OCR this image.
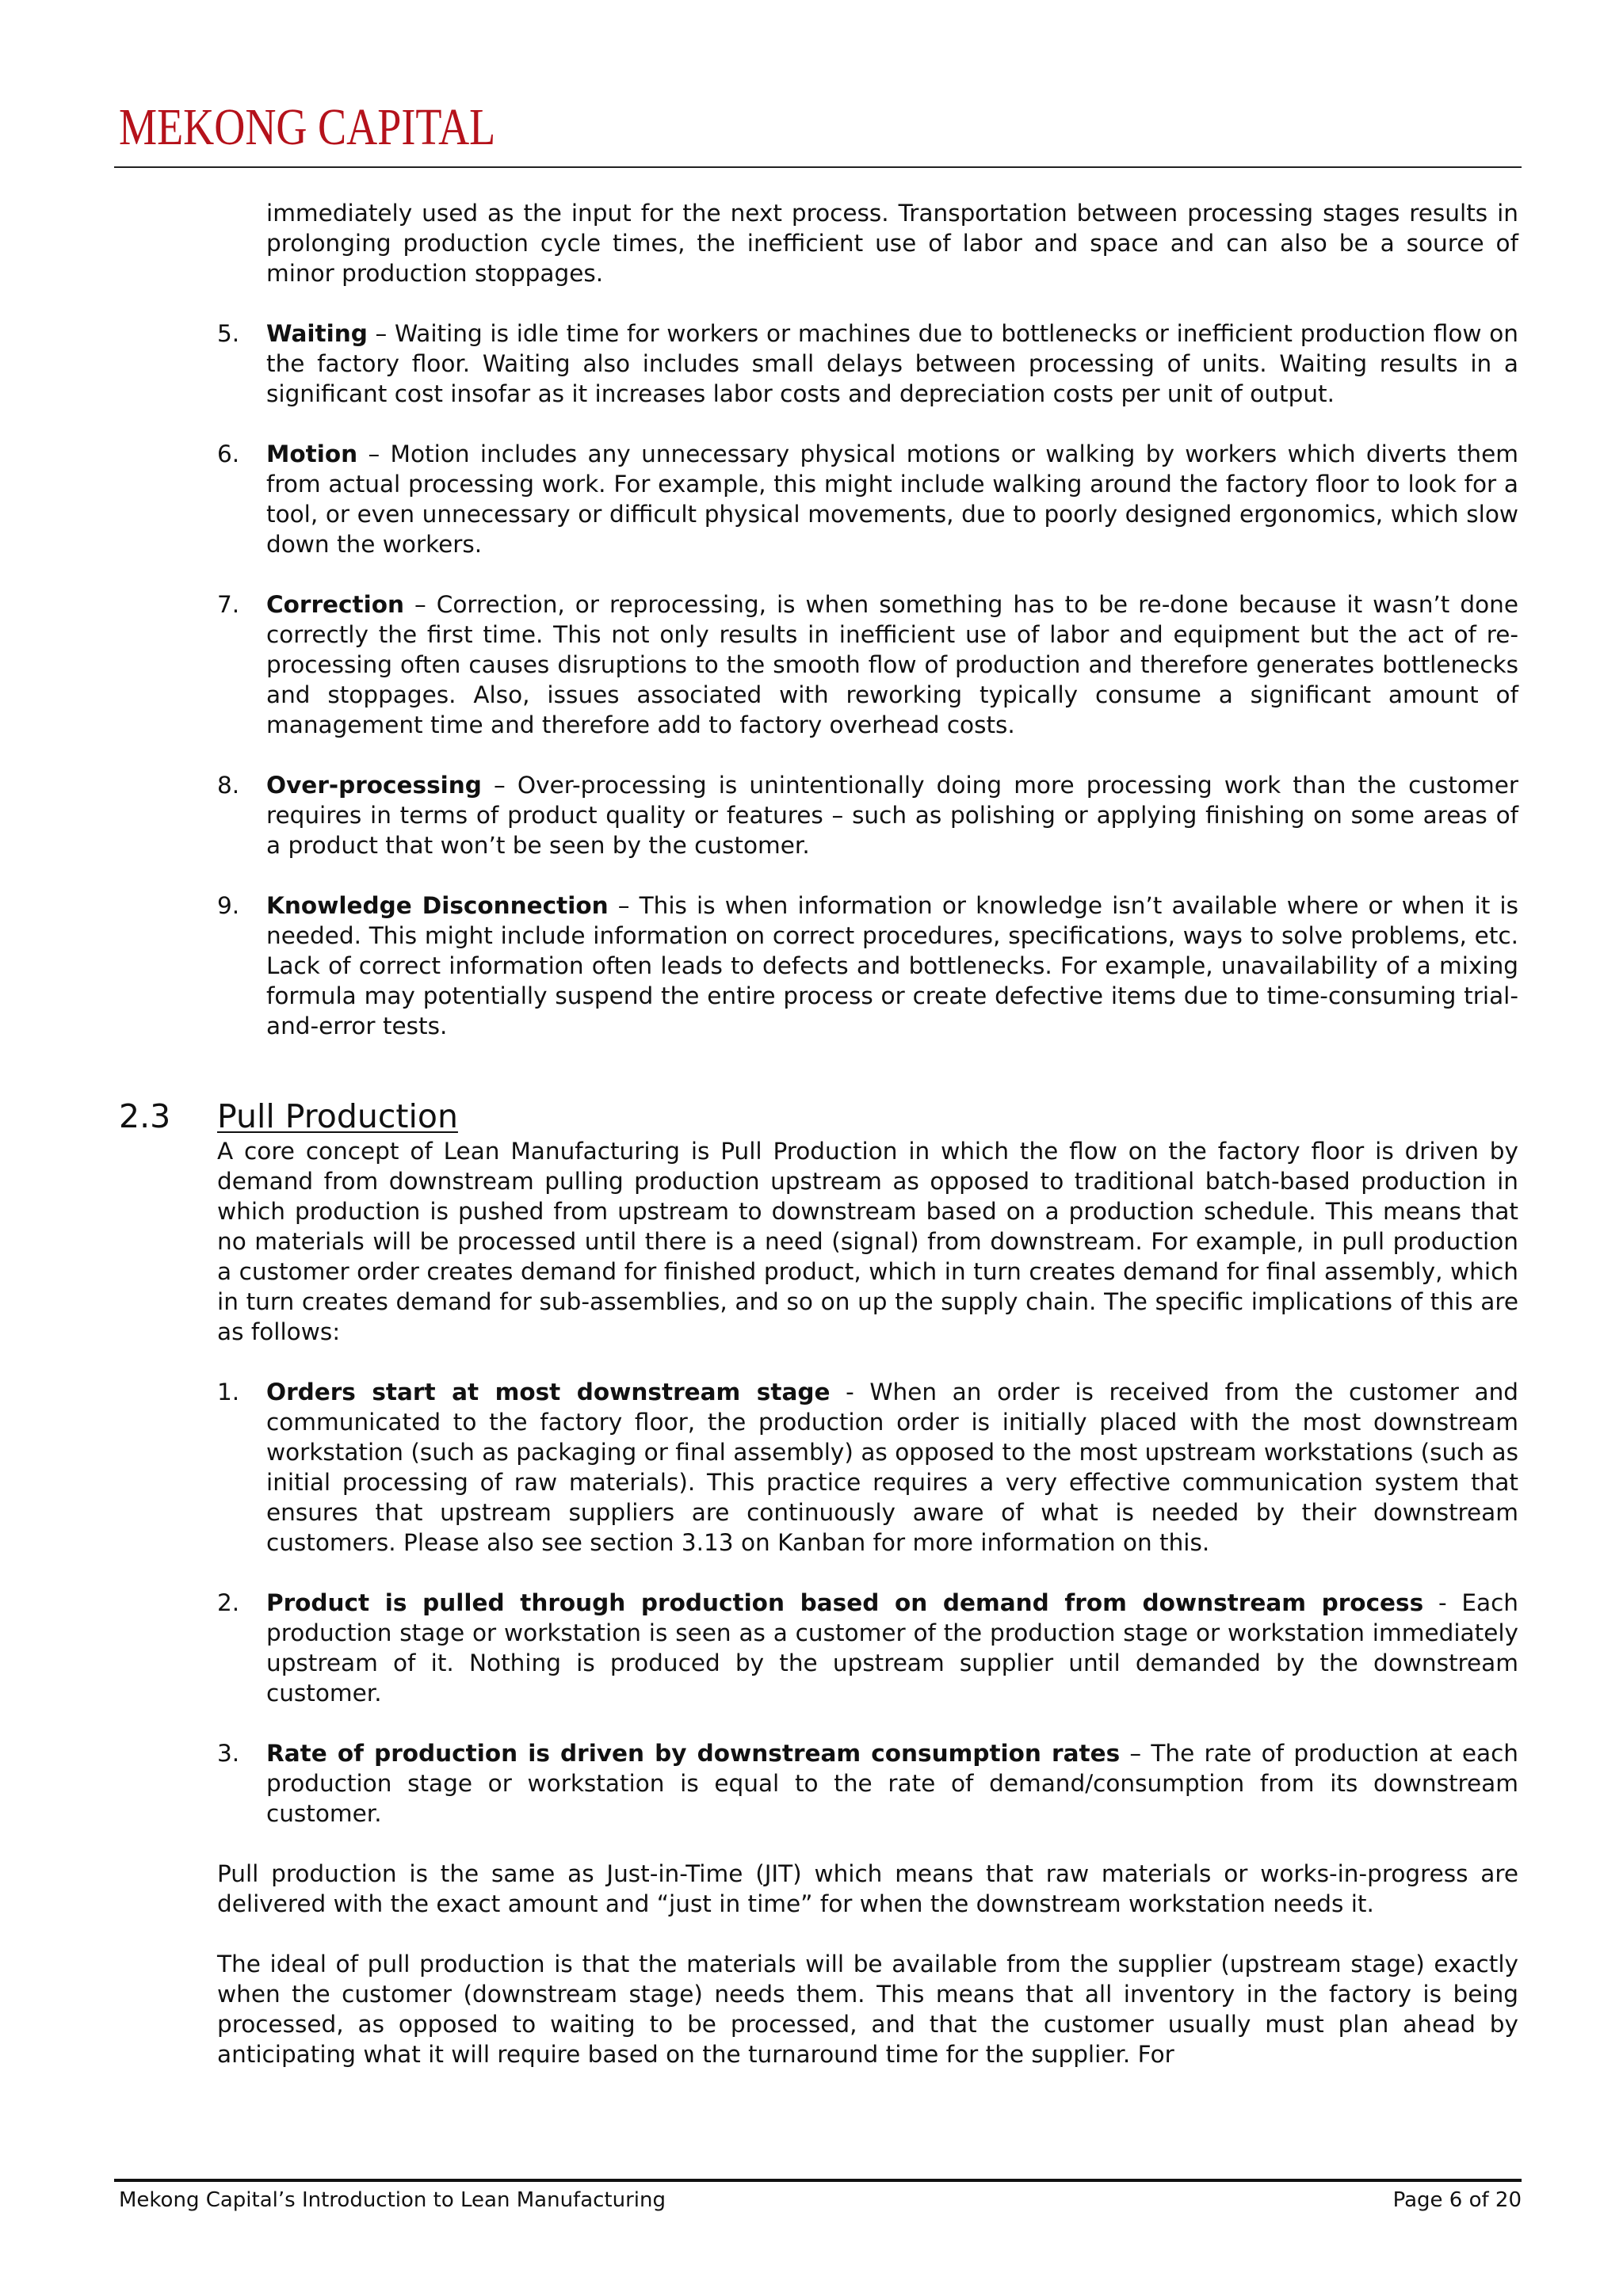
MEKONG CAPITAL

immediately used as the input for the next process. Transportation between processing stages results in prolonging production cycle times, the inefficient use of labor and space and can also be a source of minor production stoppages.

5. Waiting – Waiting is idle time for workers or machines due to bottlenecks or inefficient production flow on the factory floor. Waiting also includes small delays between processing of units. Waiting results in a significant cost insofar as it increases labor costs and depreciation costs per unit of output.

6. Motion – Motion includes any unnecessary physical motions or walking by workers which diverts them from actual processing work. For example, this might include walking around the factory floor to look for a tool, or even unnecessary or difficult physical movements, due to poorly designed ergonomics, which slow down the workers.

7. Correction – Correction, or reprocessing, is when something has to be re-done because it wasn’t done correctly the first time. This not only results in inefficient use of labor and equipment but the act of re-processing often causes disruptions to the smooth flow of production and therefore generates bottlenecks and stoppages. Also, issues associated with reworking typically consume a significant amount of management time and therefore add to factory overhead costs.

8. Over-processing – Over-processing is unintentionally doing more processing work than the customer requires in terms of product quality or features – such as polishing or applying finishing on some areas of a product that won’t be seen by the customer.

9. Knowledge Disconnection – This is when information or knowledge isn’t available where or when it is needed. This might include information on correct procedures, specifications, ways to solve problems, etc. Lack of correct information often leads to defects and bottlenecks. For example, unavailability of a mixing formula may potentially suspend the entire process or create defective items due to time-consuming trial-and-error tests.

2.3 Pull Production

A core concept of Lean Manufacturing is Pull Production in which the flow on the factory floor is driven by demand from downstream pulling production upstream as opposed to traditional batch-based production in which production is pushed from upstream to downstream based on a production schedule. This means that no materials will be processed until there is a need (signal) from downstream. For example, in pull production a customer order creates demand for finished product, which in turn creates demand for final assembly, which in turn creates demand for sub-assemblies, and so on up the supply chain. The specific implications of this are as follows:

1. Orders start at most downstream stage - When an order is received from the customer and communicated to the factory floor, the production order is initially placed with the most downstream workstation (such as packaging or final assembly) as opposed to the most upstream workstations (such as initial processing of raw materials). This practice requires a very effective communication system that ensures that upstream suppliers are continuously aware of what is needed by their downstream customers. Please also see section 3.13 on Kanban for more information on this.

2. Product is pulled through production based on demand from downstream process - Each production stage or workstation is seen as a customer of the production stage or workstation immediately upstream of it. Nothing is produced by the upstream supplier until demanded by the downstream customer.

3. Rate of production is driven by downstream consumption rates – The rate of production at each production stage or workstation is equal to the rate of demand/consumption from its downstream customer.

Pull production is the same as Just-in-Time (JIT) which means that raw materials or works-in-progress are delivered with the exact amount and “just in time” for when the downstream workstation needs it.

The ideal of pull production is that the materials will be available from the supplier (upstream stage) exactly when the customer (downstream stage) needs them. This means that all inventory in the factory is being processed, as opposed to waiting to be processed, and that the customer usually must plan ahead by anticipating what it will require based on the turnaround time for the supplier. For

Mekong Capital’s Introduction to Lean Manufacturing	Page 6 of 20
